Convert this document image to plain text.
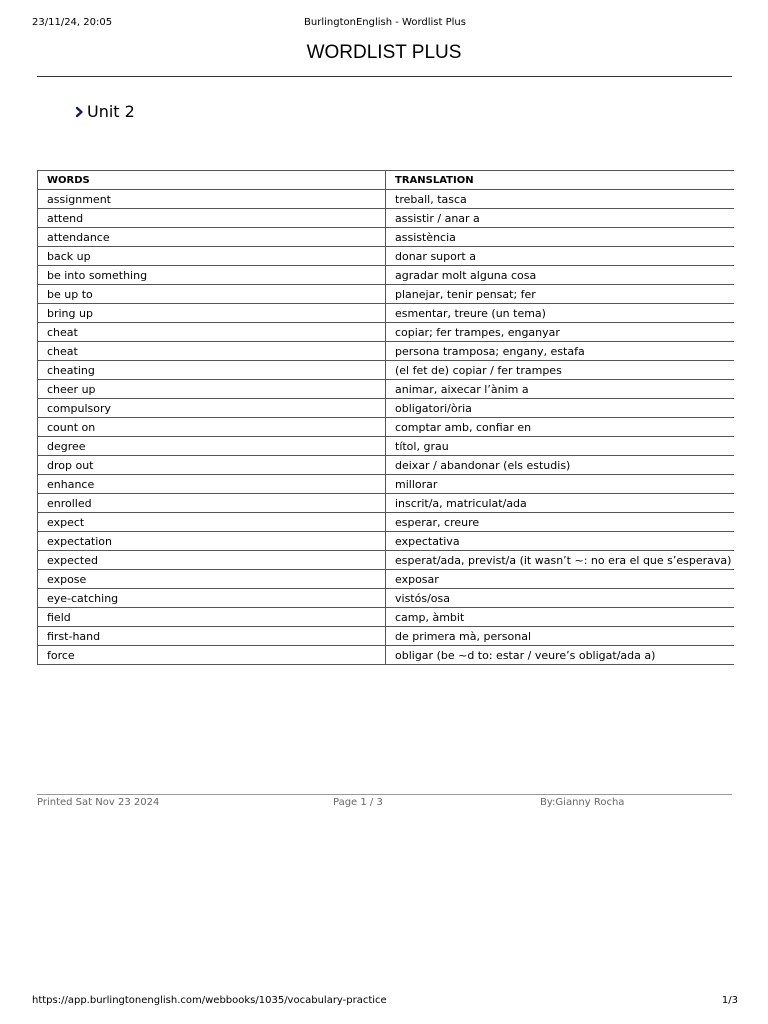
23/11/24, 20:05	BurlingtonEnglish - Wordlist Plus
WORDLIST PLUS
Unit 2
WORDS	TRANSLATION
assignment	treball, tasca
attend	assistir / anar a
attendance	assistència
back up	donar suport a
be into something	agradar molt alguna cosa
be up to	planejar, tenir pensat; fer
bring up	esmentar, treure (un tema)
cheat	copiar; fer trampes, enganyar
cheat	persona tramposa; engany, estafa
cheating	(el fet de) copiar / fer trampes
cheer up	animar, aixecar l’ànim a
compulsory	obligatori/òria
count on	comptar amb, confiar en
degree	títol, grau
drop out	deixar / abandonar (els estudis)
enhance	millorar
enrolled	inscrit/a, matriculat/ada
expect	esperar, creure
expectation	expectativa
expected	esperat/ada, previst/a (it wasn’t ~: no era el que s’esperava)
expose	exposar
eye-catching	vistós/osa
field	camp, àmbit
first-hand	de primera mà, personal
force	obligar (be ~d to: estar / veure’s obligat/ada a)
Printed Sat Nov 23 2024	Page 1 / 3	By:Gianny Rocha
https://app.burlingtonenglish.com/webbooks/1035/vocabulary-practice	1/3
